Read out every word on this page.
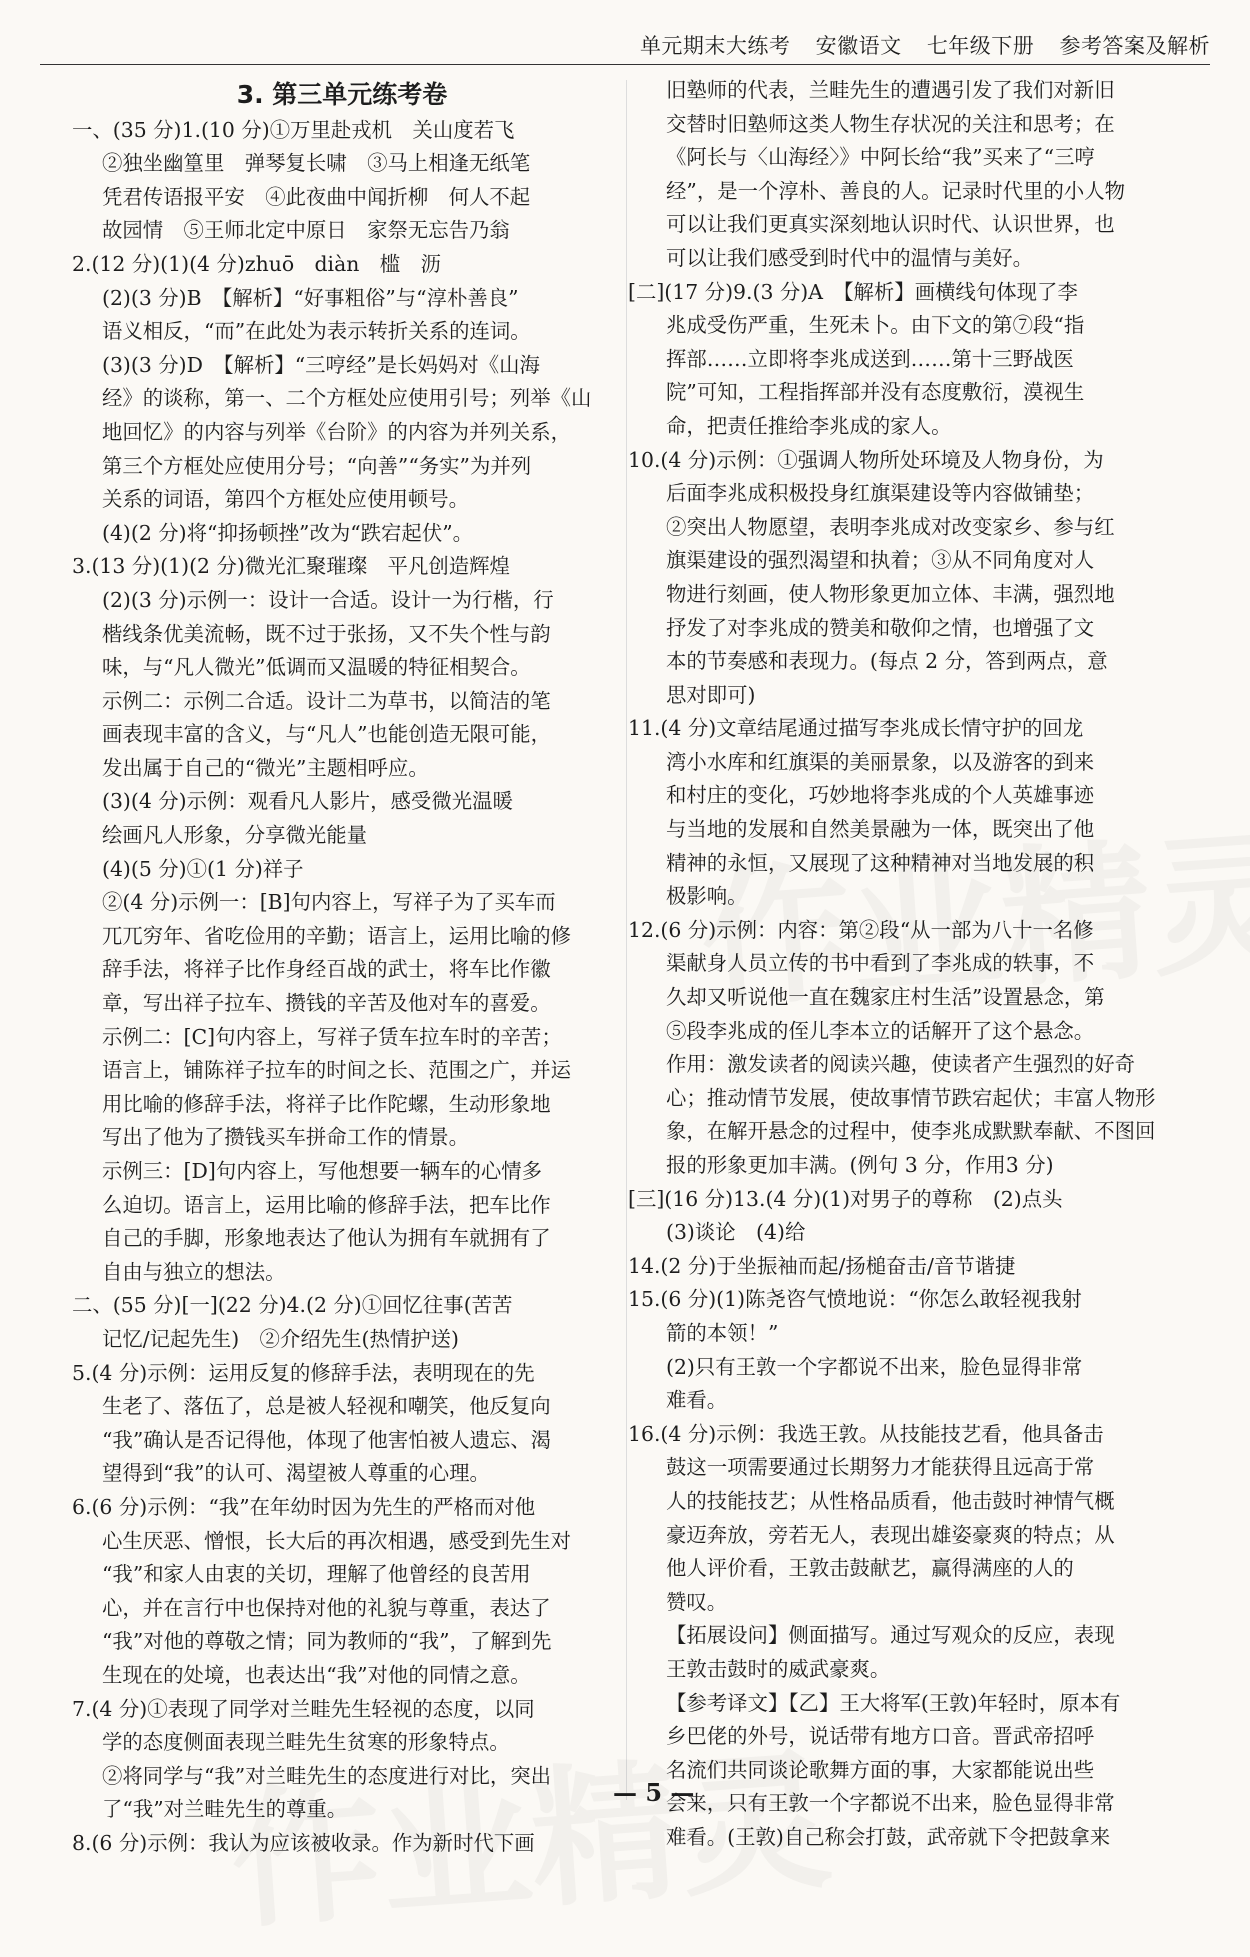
单元期末大练考 安徽语文 七年级下册 参考答案及解析
3. 第三单元练考卷
一、(35 分)1.(10 分)①万里赴戎机　关山度若飞
②独坐幽篁里　弹琴复长啸　③马上相逢无纸笔
凭君传语报平安　④此夜曲中闻折柳　何人不起
故园情　⑤王师北定中原日　家祭无忘告乃翁
2.(12 分)(1)(4 分)zhuō　diàn　槛　沥
(2)(3 分)B　【解析】“好事粗俗”与“淳朴善良”
语义相反，“而”在此处为表示转折关系的连词。
(3)(3 分)D　【解析】“三哼经”是长妈妈对《山海
经》的谈称，第一、二个方框处应使用引号；列举《山
地回忆》的内容与列举《台阶》的内容为并列关系，
第三个方框处应使用分号；“向善”“务实”为并列
关系的词语，第四个方框处应使用顿号。
(4)(2 分)将“抑扬顿挫”改为“跌宕起伏”。
3.(13 分)(1)(2 分)微光汇聚璀璨　平凡创造辉煌
(2)(3 分)示例一：设计一合适。设计一为行楷，行
楷线条优美流畅，既不过于张扬，又不失个性与韵
味，与“凡人微光”低调而又温暖的特征相契合。
示例二：示例二合适。设计二为草书，以简洁的笔
画表现丰富的含义，与“凡人”也能创造无限可能，
发出属于自己的“微光”主题相呼应。
(3)(4 分)示例：观看凡人影片，感受微光温暖
绘画凡人形象，分享微光能量
(4)(5 分)①(1 分)祥子
②(4 分)示例一：[B]句内容上，写祥子为了买车而
兀兀穷年、省吃俭用的辛勤；语言上，运用比喻的修
辞手法，将祥子比作身经百战的武士，将车比作徽
章，写出祥子拉车、攒钱的辛苦及他对车的喜爱。
示例二：[C]句内容上，写祥子赁车拉车时的辛苦；
语言上，铺陈祥子拉车的时间之长、范围之广，并运
用比喻的修辞手法，将祥子比作陀螺，生动形象地
写出了他为了攒钱买车拼命工作的情景。
示例三：[D]句内容上，写他想要一辆车的心情多
么迫切。语言上，运用比喻的修辞手法，把车比作
自己的手脚，形象地表达了他认为拥有车就拥有了
自由与独立的想法。
二、(55 分)[一](22 分)4.(2 分)①回忆往事(苦苦
记忆/记起先生)　②介绍先生(热情护送)
5.(4 分)示例：运用反复的修辞手法，表明现在的先
生老了、落伍了，总是被人轻视和嘲笑，他反复向
“我”确认是否记得他，体现了他害怕被人遗忘、渴
望得到“我”的认可、渴望被人尊重的心理。
6.(6 分)示例：“我”在年幼时因为先生的严格而对他
心生厌恶、憎恨，长大后的再次相遇，感受到先生对
“我”和家人由衷的关切，理解了他曾经的良苦用
心，并在言行中也保持对他的礼貌与尊重，表达了
“我”对他的尊敬之情；同为教师的“我”，了解到先
生现在的处境，也表达出“我”对他的同情之意。
7.(4 分)①表现了同学对兰畦先生轻视的态度，以同
学的态度侧面表现兰畦先生贫寒的形象特点。
②将同学与“我”对兰畦先生的态度进行对比，突出
了“我”对兰畦先生的尊重。
8.(6 分)示例：我认为应该被收录。作为新时代下画
旧塾师的代表，兰畦先生的遭遇引发了我们对新旧
交替时旧塾师这类人物生存状况的关注和思考；在
《阿长与〈山海经〉》中阿长给“我”买来了“三哼
经”，是一个淳朴、善良的人。记录时代里的小人物
可以让我们更真实深刻地认识时代、认识世界，也
可以让我们感受到时代中的温情与美好。
[二](17 分)9.(3 分)A　【解析】画横线句体现了李
兆成受伤严重，生死未卜。由下文的第⑦段“指
挥部……立即将李兆成送到……第十三野战医
院”可知，工程指挥部并没有态度敷衍，漠视生
命，把责任推给李兆成的家人。
10.(4 分)示例：①强调人物所处环境及人物身份，为
后面李兆成积极投身红旗渠建设等内容做铺垫；
②突出人物愿望，表明李兆成对改变家乡、参与红
旗渠建设的强烈渴望和执着；③从不同角度对人
物进行刻画，使人物形象更加立体、丰满，强烈地
抒发了对李兆成的赞美和敬仰之情，也增强了文
本的节奏感和表现力。(每点 2 分，答到两点，意
思对即可)
11.(4 分)文章结尾通过描写李兆成长情守护的回龙
湾小水库和红旗渠的美丽景象，以及游客的到来
和村庄的变化，巧妙地将李兆成的个人英雄事迹
与当地的发展和自然美景融为一体，既突出了他
精神的永恒，又展现了这种精神对当地发展的积
极影响。
12.(6 分)示例：内容：第②段“从一部为八十一名修
渠献身人员立传的书中看到了李兆成的轶事，不
久却又听说他一直在魏家庄村生活”设置悬念，第
⑤段李兆成的侄儿李本立的话解开了这个悬念。
作用：激发读者的阅读兴趣，使读者产生强烈的好奇
心；推动情节发展，使故事情节跌宕起伏；丰富人物形
象，在解开悬念的过程中，使李兆成默默奉献、不图回
报的形象更加丰满。(例句 3 分，作用3 分)
[三](16 分)13.(4 分)(1)对男子的尊称　(2)点头
(3)谈论　(4)给
14.(2 分)于坐振袖而起/扬槌奋击/音节谐捷
15.(6 分)(1)陈尧咨气愤地说：“你怎么敢轻视我射
箭的本领！”
(2)只有王敦一个字都说不出来，脸色显得非常
难看。
16.(4 分)示例：我选王敦。从技能技艺看，他具备击
鼓这一项需要通过长期努力才能获得且远高于常
人的技能技艺；从性格品质看，他击鼓时神情气概
豪迈奔放，旁若无人，表现出雄姿豪爽的特点；从
他人评价看，王敦击鼓献艺，赢得满座的人的
赞叹。
【拓展设问】侧面描写。通过写观众的反应，表现
王敦击鼓时的威武豪爽。
【参考译文】【乙】王大将军(王敦)年轻时，原本有
乡巴佬的外号，说话带有地方口音。晋武帝招呼
名流们共同谈论歌舞方面的事，大家都能说出些
会来，只有王敦一个字都说不出来，脸色显得非常
难看。(王敦)自己称会打鼓，武帝就下令把鼓拿来
— 5 —
